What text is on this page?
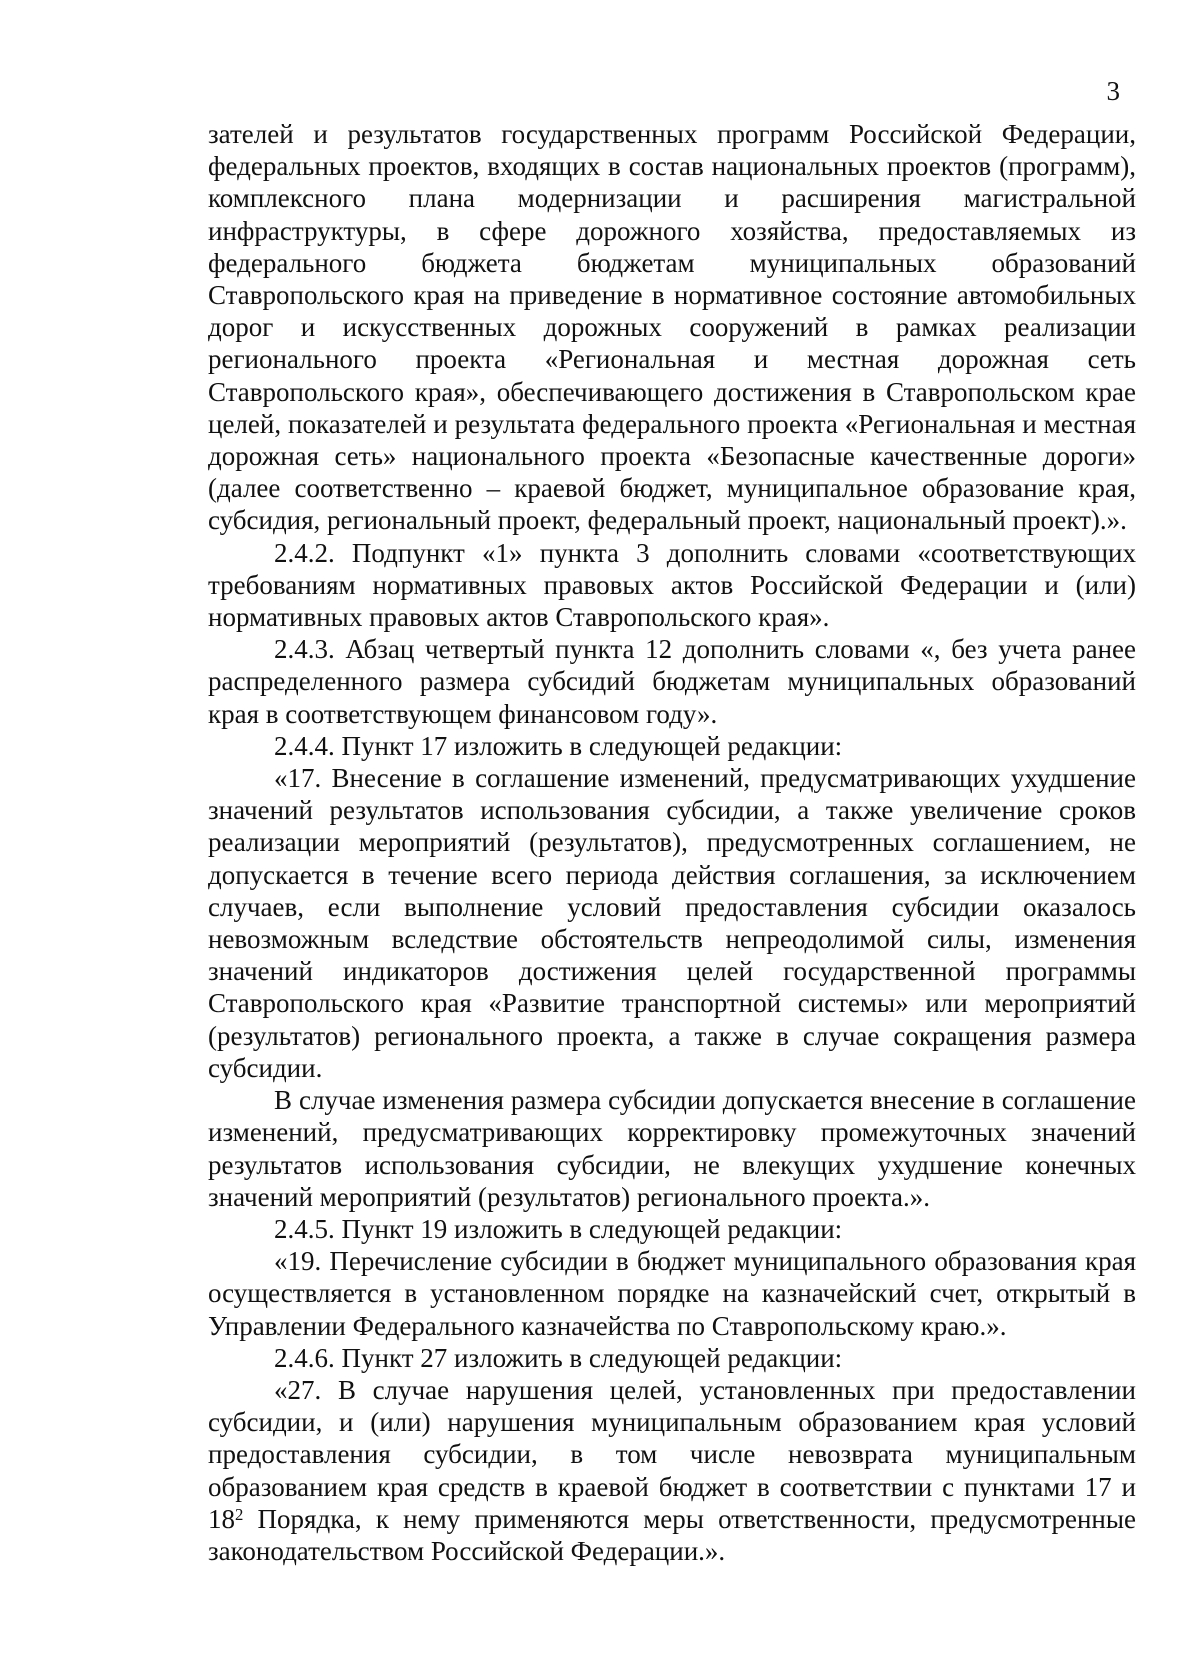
3

зателей и результатов государственных программ Российской Федерации, федеральных проектов, входящих в состав национальных проектов (программ), комплексного плана модернизации и расширения магистральной инфраструктуры, в сфере дорожного хозяйства, предоставляемых из федерального бюджета бюджетам муниципальных образований Ставропольского края на приведение в нормативное состояние автомобильных дорог и искусственных дорожных сооружений в рамках реализации регионального проекта «Региональная и местная дорожная сеть Ставропольского края», обеспечивающего достижения в Ставропольском крае целей, показателей и результата федерального проекта «Региональная и местная дорожная сеть» национального проекта «Безопасные качественные дороги» (далее соответственно – краевой бюджет, муниципальное образование края, субсидия, региональный проект, федеральный проект, национальный проект).».

2.4.2. Подпункт «1» пункта 3 дополнить словами «соответствующих требованиям нормативных правовых актов Российской Федерации и (или) нормативных правовых актов Ставропольского края».

2.4.3. Абзац четвертый пункта 12 дополнить словами «, без учета ранее распределенного размера субсидий бюджетам муниципальных образований края в соответствующем финансовом году».

2.4.4. Пункт 17 изложить в следующей редакции:

«17. Внесение в соглашение изменений, предусматривающих ухудшение значений результатов использования субсидии, а также увеличение сроков реализации мероприятий (результатов), предусмотренных соглашением, не допускается в течение всего периода действия соглашения, за исключением случаев, если выполнение условий предоставления субсидии оказалось невозможным вследствие обстоятельств непреодолимой силы, изменения значений индикаторов достижения целей государственной программы Ставропольского края «Развитие транспортной системы» или мероприятий (результатов) регионального проекта, а также в случае сокращения размера субсидии.

В случае изменения размера субсидии допускается внесение в соглашение изменений, предусматривающих корректировку промежуточных значений результатов использования субсидии, не влекущих ухудшение конечных значений мероприятий (результатов) регионального проекта.».

2.4.5. Пункт 19 изложить в следующей редакции:

«19. Перечисление субсидии в бюджет муниципального образования края осуществляется в установленном порядке на казначейский счет, открытый в Управлении Федерального казначейства по Ставропольскому краю.».

2.4.6. Пункт 27 изложить в следующей редакции:

«27. В случае нарушения целей, установленных при предоставлении субсидии, и (или) нарушения муниципальным образованием края условий предоставления субсидии, в том числе невозврата муниципальным образованием края средств в краевой бюджет в соответствии с пунктами 17 и $18^2$ Порядка, к нему применяются меры ответственности, предусмотренные законодательством Российской Федерации.».
